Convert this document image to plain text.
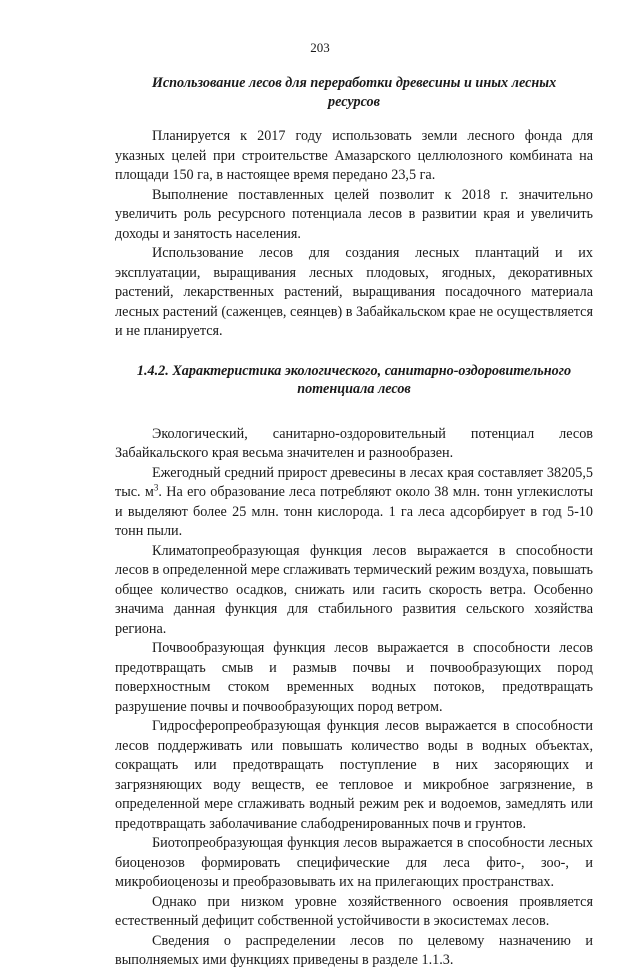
203
Использование лесов для переработки древесины и иных лесных
ресурсов

Планируется к 2017 году использовать земли лесного фонда для указных целей при строительстве Амазарского целлюлозного комбината на площади 150 га, в настоящее время передано 23,5 га.

Выполнение поставленных целей позволит к 2018 г. значительно увеличить роль ресурсного потенциала лесов в развитии края и увеличить доходы и занятость населения.

Использование лесов для создания лесных плантаций и их эксплуатации, выращивания лесных плодовых, ягодных, декоративных растений, лекарственных растений, выращивания посадочного материала лесных растений (саженцев, сеянцев) в Забайкальском крае не осуществляется и не планируется.

1.4.2. Характеристика экологического, санитарно-оздоровительного
потенциала лесов

Экологический, санитарно-оздоровительный потенциал лесов Забайкальского края весьма значителен и разнообразен.

Ежегодный средний прирост древесины в лесах края составляет 38205,5 тыс. $м^3$. На его образование леса потребляют около 38 млн. тонн углекислоты и выделяют более 25 млн. тонн кислорода. 1 га леса адсорбирует в год 5-10 тонн пыли.

Климатопреобразующая функция лесов выражается в способности лесов в определенной мере сглаживать термический режим воздуха, повышать общее количество осадков, снижать или гасить скорость ветра. Особенно значима данная функция для стабильного развития сельского хозяйства региона.

Почвообразующая функция лесов выражается в способности лесов предотвращать смыв и размыв почвы и почвообразующих пород поверхностным стоком временных водных потоков, предотвращать разрушение почвы и почвообразующих пород ветром.

Гидросферопреобразующая функция лесов выражается в способности лесов поддерживать или повышать количество воды в водных объектах, сокращать или предотвращать поступление в них засоряющих и загрязняющих воду веществ, ее тепловое и микробное загрязнение, в определенной мере сглаживать водный режим рек и водоемов, замедлять или предотвращать заболачивание слабодренированных почв и грунтов.

Биотопреобразующая функция лесов выражается в способности лесных биоценозов формировать специфические для леса фито-, зоо-, и микробиоценозы и преобразовывать их на прилегающих пространствах.

Однако при низком уровне хозяйственного освоения проявляется естественный дефицит собственной устойчивости в экосистемах лесов.

Сведения о распределении лесов по целевому назначению и выполняемых ими функциях приведены в разделе 1.1.3.
